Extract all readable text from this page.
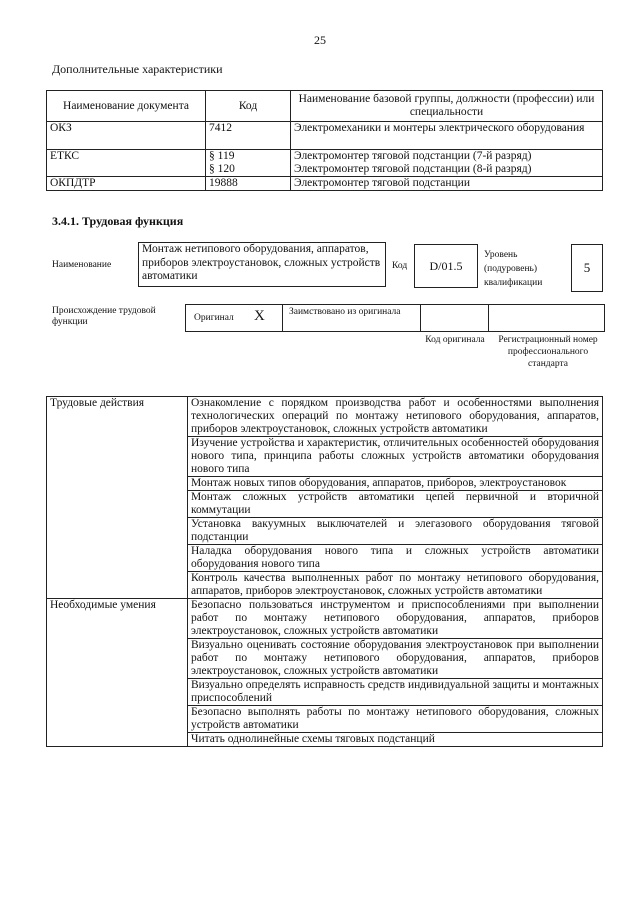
25
Дополнительные характеристики
Наименование документа	Код	Наименование базовой группы, должности (профессии) или специальности
ОКЗ	7412	Электромеханики и монтеры электрического оборудования
ЕТКС	§ 119	Электромонтер тяговой подстанции (7-й разряд)
	§ 120	Электромонтер тяговой подстанции (8-й разряд)
ОКПДТР	19888	Электромонтер тяговой подстанции
3.4.1. Трудовая функция
Наименование
Монтаж нетипового оборудования, аппаратов, приборов электроустановок, сложных устройств автоматики
Код	D/01.5
Уровень (подуровень) квалификации
5
Происхождение трудовой функции	Оригинал X	Заимствовано из оригинала
Код оригинала	Регистрационный номер профессионального стандарта
Трудовые действия	Ознакомление с порядком производства работ и особенностями выполнения технологических операций по монтажу нетипового оборудования, аппаратов, приборов электроустановок, сложных устройств автоматики
	Изучение устройства и характеристик, отличительных особенностей оборудования нового типа, принципа работы сложных устройств автоматики оборудования нового типа
	Монтаж новых типов оборудования, аппаратов, приборов, электроустановок
	Монтаж сложных устройств автоматики цепей первичной и вторичной коммутации
	Установка вакуумных выключателей и элегазового оборудования тяговой подстанции
	Наладка оборудования нового типа и сложных устройств автоматики оборудования нового типа
	Контроль качества выполненных работ по монтажу нетипового оборудования, аппаратов, приборов электроустановок, сложных устройств автоматики
Необходимые умения	Безопасно пользоваться инструментом и приспособлениями при выполнении работ по монтажу нетипового оборудования, аппаратов, приборов электроустановок, сложных устройств автоматики
	Визуально оценивать состояние оборудования электроустановок при выполнении работ по монтажу нетипового оборудования, аппаратов, приборов электроустановок, сложных устройств автоматики
	Визуально определять исправность средств индивидуальной защиты и монтажных приспособлений
	Безопасно выполнять работы по монтажу нетипового оборудования, сложных устройств автоматики
	Читать однолинейные схемы тяговых подстанций
